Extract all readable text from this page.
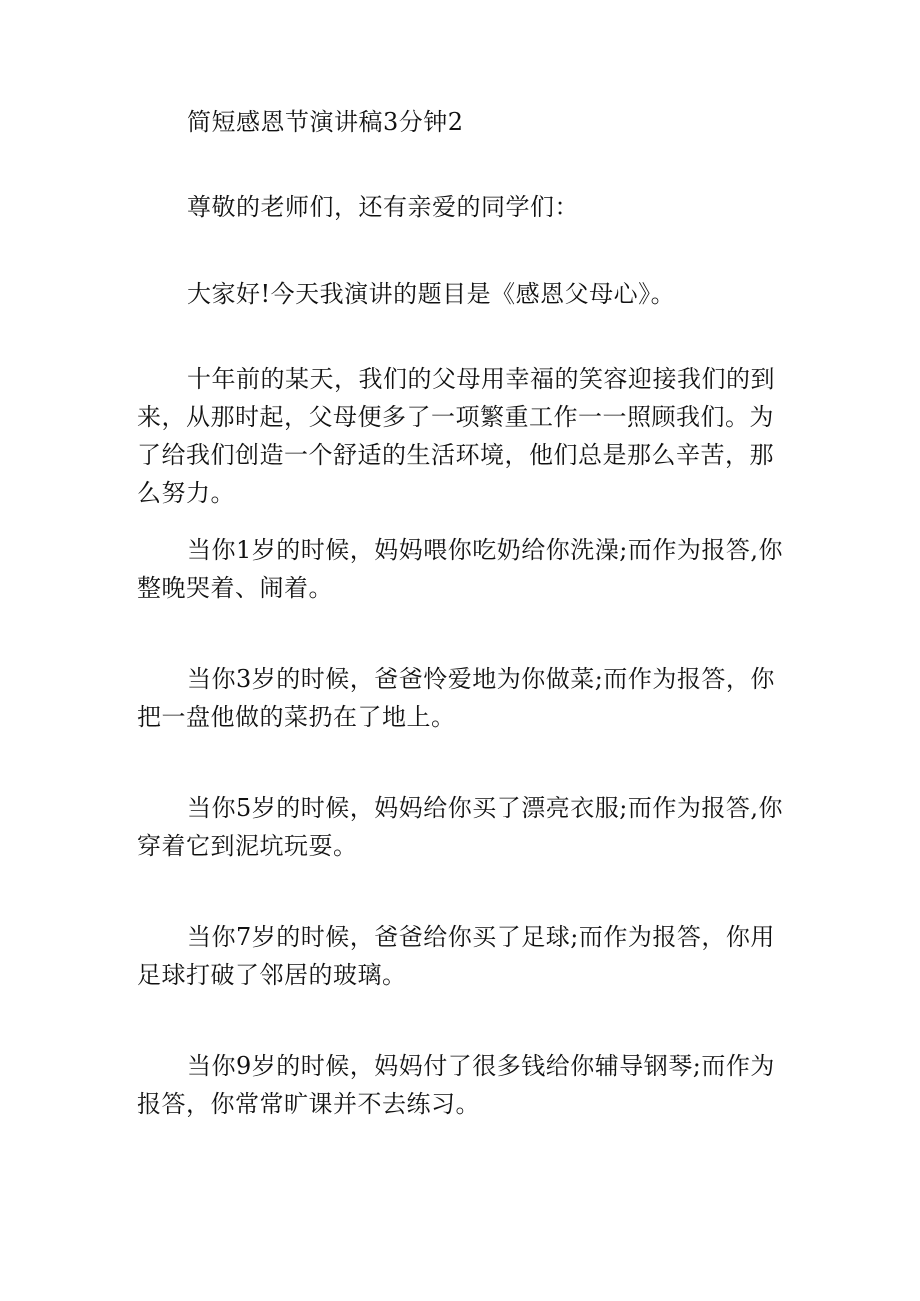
简短感恩节演讲稿3分钟2

尊敬的老师们，还有亲爱的同学们：

大家好!今天我演讲的题目是《感恩父母心》。

十年前的某天，我们的父母用幸福的笑容迎接我们的到来，从那时起，父母便多了一项繁重工作一一照顾我们。为了给我们创造一个舒适的生活环境，他们总是那么辛苦，那么努力。

当你1岁的时候，妈妈喂你吃奶给你洗澡;而作为报答,你整晚哭着、闹着。

当你3岁的时候，爸爸怜爱地为你做菜;而作为报答，你把一盘他做的菜扔在了地上。

当你5岁的时候，妈妈给你买了漂亮衣服;而作为报答,你穿着它到泥坑玩耍。

当你7岁的时候，爸爸给你买了足球;而作为报答，你用足球打破了邻居的玻璃。

当你9岁的时候，妈妈付了很多钱给你辅导钢琴;而作为报答，你常常旷课并不去练习。
